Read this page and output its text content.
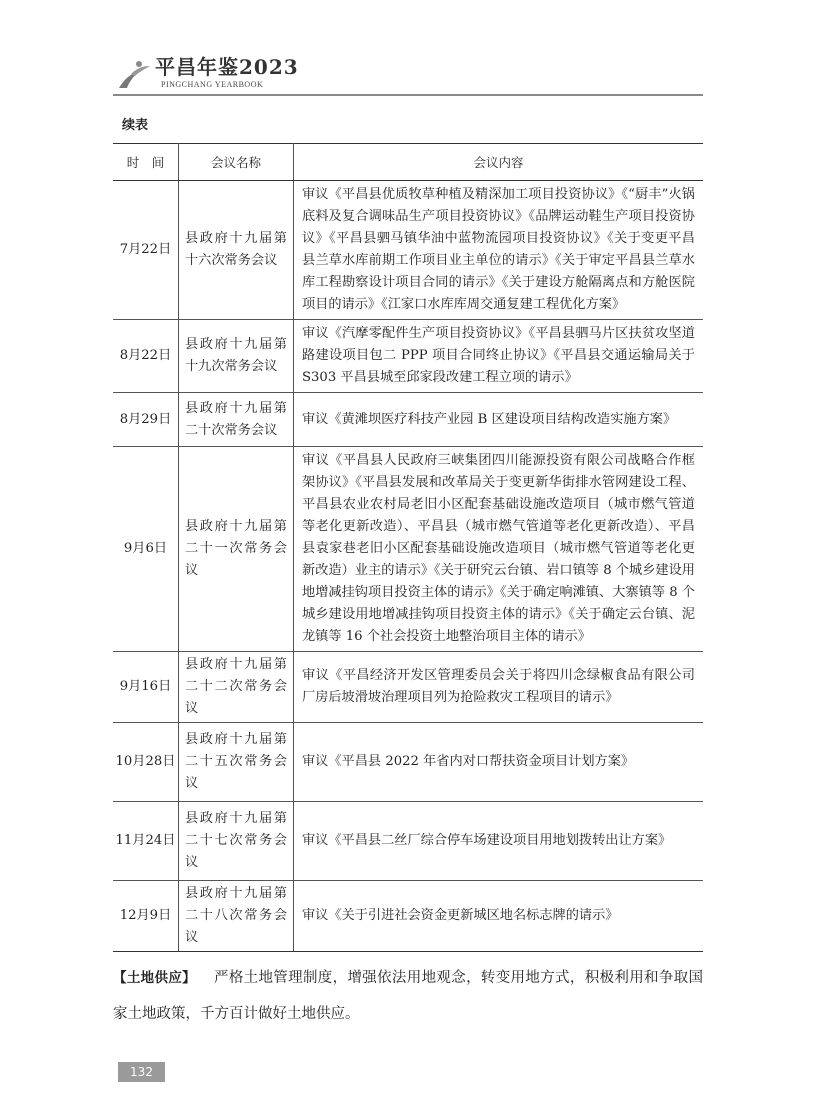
平昌年鉴2023
PINGCHANG YEARBOOK
续表
时　间	会议名称	会议内容
7月22日	县政府十九届第十六次常务会议	审议《平昌县优质牧草种植及精深加工项目投资协议》《“厨丰”火锅底料及复合调味品生产项目投资协议》《品牌运动鞋生产项目投资协议》《平昌县驷马镇华油中蓝物流园项目投资协议》《关于变更平昌县兰草水库前期工作项目业主单位的请示》《关于审定平昌县兰草水库工程勘察设计项目合同的请示》《关于建设方舱隔离点和方舱医院项目的请示》《江家口水库库周交通复建工程优化方案》
8月22日	县政府十九届第十九次常务会议	审议《汽摩零配件生产项目投资协议》《平昌县驷马片区扶贫攻坚道路建设项目包二 PPP 项目合同终止协议》《平昌县交通运输局关于 S303 平昌县城至邱家段改建工程立项的请示》
8月29日	县政府十九届第二十次常务会议	审议《黄滩坝医疗科技产业园 B 区建设项目结构改造实施方案》
9月6日	县政府十九届第二十一次常务会议	审议《平昌县人民政府三峡集团四川能源投资有限公司战略合作框架协议》《平昌县发展和改革局关于变更新华街排水管网建设工程、平昌县农业农村局老旧小区配套基础设施改造项目（城市燃气管道等老化更新改造）、平昌县（城市燃气管道等老化更新改造）、平昌县袁家巷老旧小区配套基础设施改造项目（城市燃气管道等老化更新改造）业主的请示》《关于研究云台镇、岩口镇等 8 个城乡建设用地增减挂钩项目投资主体的请示》《关于确定响滩镇、大寨镇等 8 个城乡建设用地增减挂钩项目投资主体的请示》《关于确定云台镇、泥龙镇等 16 个社会投资土地整治项目主体的请示》
9月16日	县政府十九届第二十二次常务会议	审议《平昌经济开发区管理委员会关于将四川念绿椒食品有限公司厂房后坡滑坡治理项目列为抢险救灾工程项目的请示》
10月28日	县政府十九届第二十五次常务会议	审议《平昌县 2022 年省内对口帮扶资金项目计划方案》
11月24日	县政府十九届第二十七次常务会议	审议《平昌县二丝厂综合停车场建设项目用地划拨转出让方案》
12月9日	县政府十九届第二十八次常务会议	审议《关于引进社会资金更新城区地名标志牌的请示》
【土地供应】 严格土地管理制度，增强依法用地观念，转变用地方式，积极利用和争取国家土地政策，千方百计做好土地供应。
132
